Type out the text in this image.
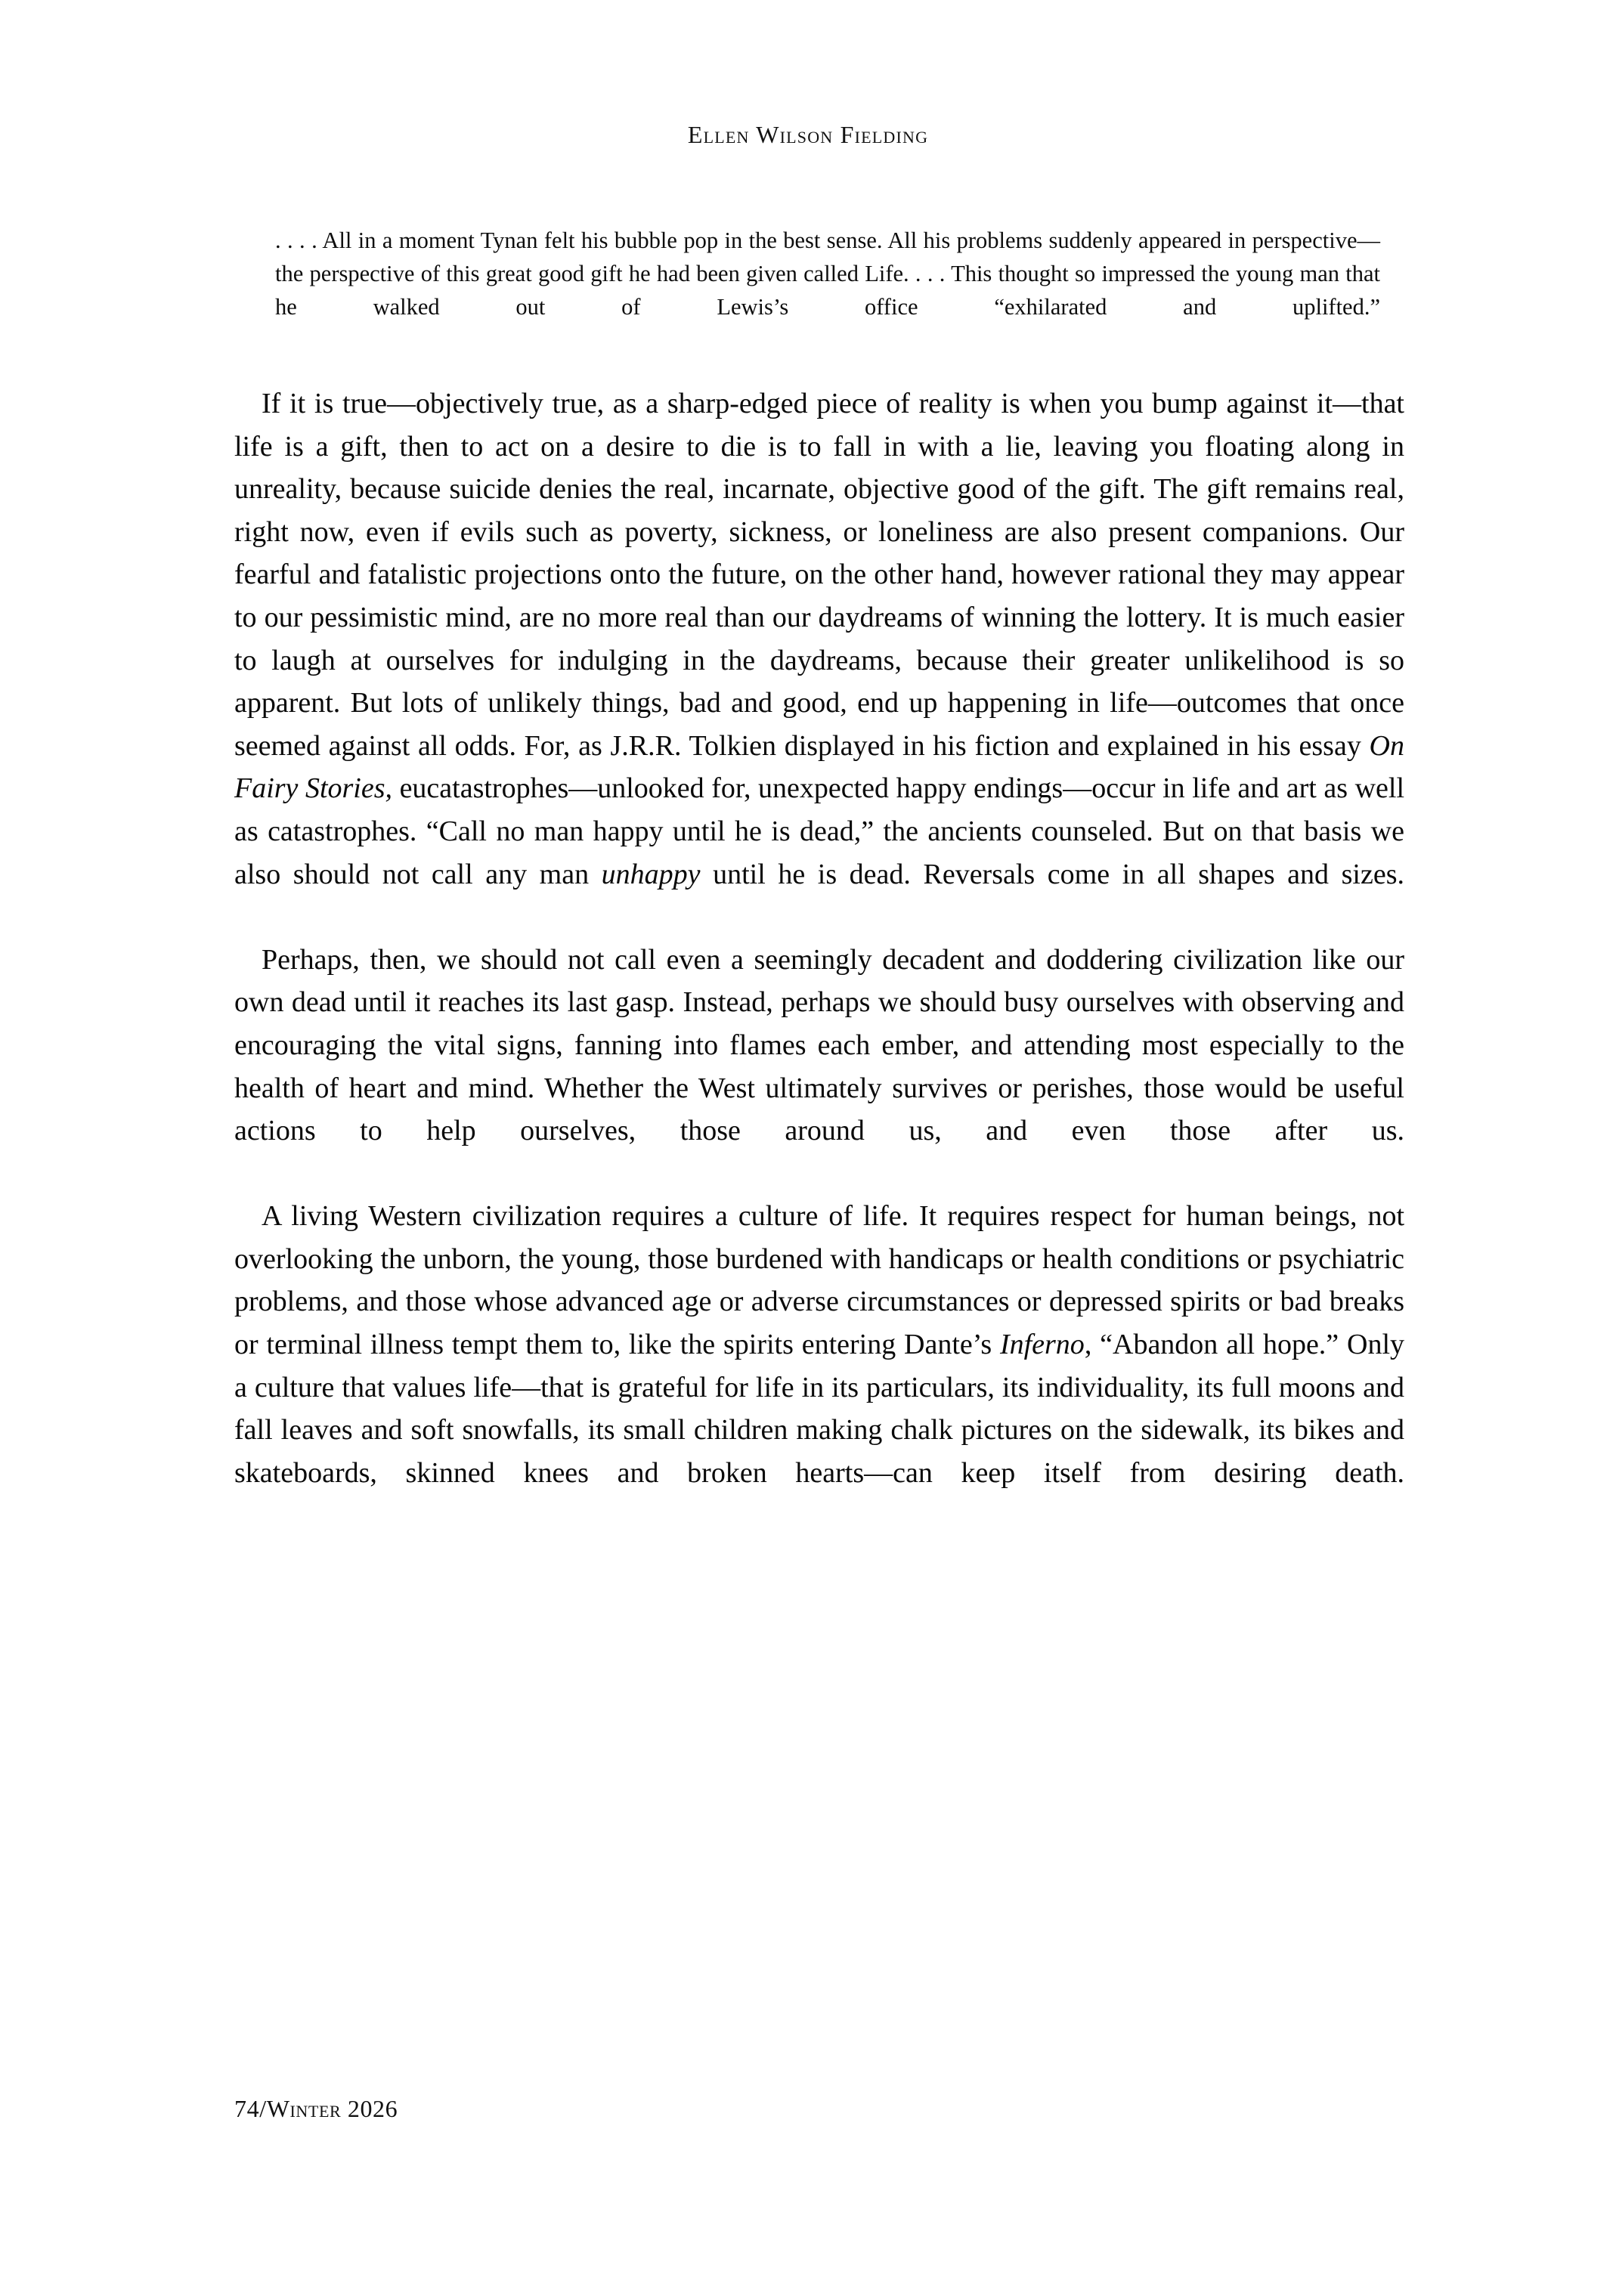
Ellen Wilson Fielding
. . . . All in a moment Tynan felt his bubble pop in the best sense. All his problems suddenly appeared in perspective—the perspective of this great good gift he had been given called Life. . . . This thought so impressed the young man that he walked out of Lewis’s office “exhilarated and uplifted.”

If it is true—objectively true, as a sharp-edged piece of reality is when you bump against it—that life is a gift, then to act on a desire to die is to fall in with a lie, leaving you floating along in unreality, because suicide denies the real, incarnate, objective good of the gift. The gift remains real, right now, even if evils such as poverty, sickness, or loneliness are also present companions. Our fearful and fatalistic projections onto the future, on the other hand, however rational they may appear to our pessimistic mind, are no more real than our daydreams of winning the lottery. It is much easier to laugh at ourselves for indulging in the daydreams, because their greater unlikelihood is so apparent. But lots of unlikely things, bad and good, end up happening in life—outcomes that once seemed against all odds. For, as J.R.R. Tolkien displayed in his fiction and explained in his essay On Fairy Stories, eucatastrophes—unlooked for, unexpected happy endings—occur in life and art as well as catastrophes. “Call no man happy until he is dead,” the ancients counseled. But on that basis we also should not call any man unhappy until he is dead. Reversals come in all shapes and sizes.

Perhaps, then, we should not call even a seemingly decadent and doddering civilization like our own dead until it reaches its last gasp. Instead, perhaps we should busy ourselves with observing and encouraging the vital signs, fanning into flames each ember, and attending most especially to the health of heart and mind. Whether the West ultimately survives or perishes, those would be useful actions to help ourselves, those around us, and even those after us.

A living Western civilization requires a culture of life. It requires respect for human beings, not overlooking the unborn, the young, those burdened with handicaps or health conditions or psychiatric problems, and those whose advanced age or adverse circumstances or depressed spirits or bad breaks or terminal illness tempt them to, like the spirits entering Dante’s Inferno, “Abandon all hope.” Only a culture that values life—that is grateful for life in its particulars, its individuality, its full moons and fall leaves and soft snowfalls, its small children making chalk pictures on the sidewalk, its bikes and skateboards, skinned knees and broken hearts—can keep itself from desiring death.

74/Winter 2026
